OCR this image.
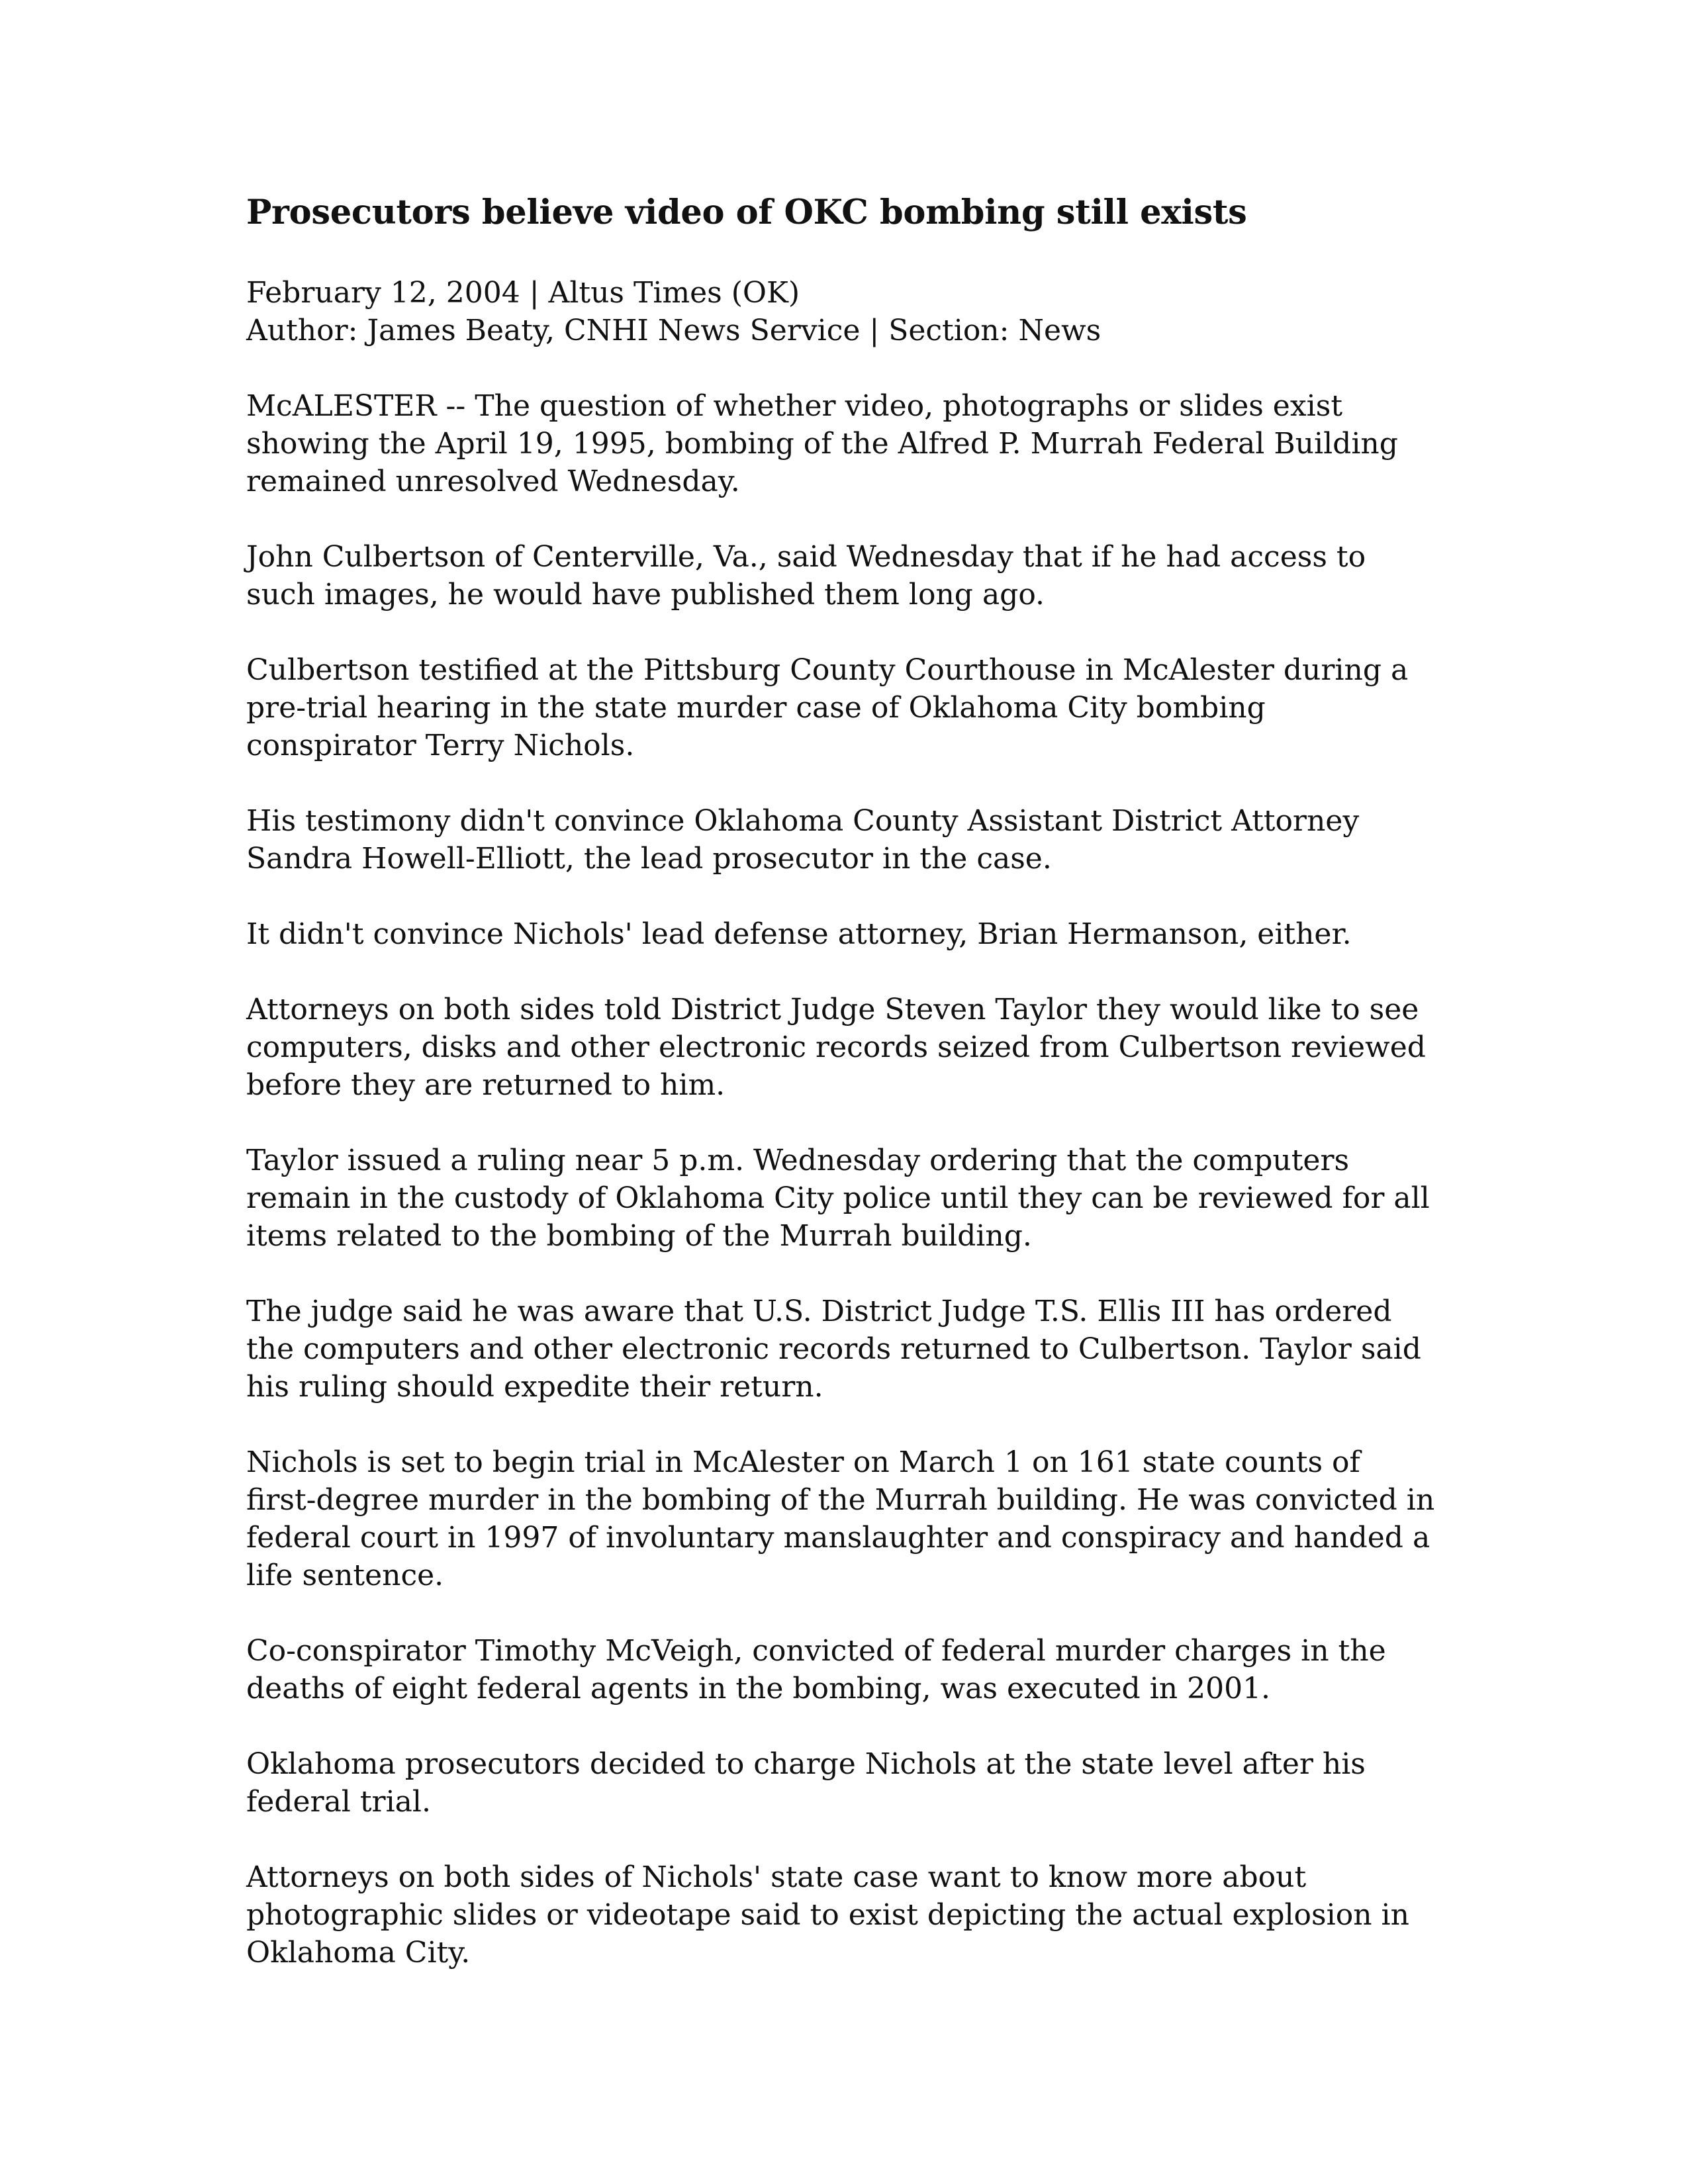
Prosecutors believe video of OKC bombing still exists
February 12, 2004 | Altus Times (OK)
Author: James Beaty, CNHI News Service | Section: News

McALESTER -- The question of whether video, photographs or slides exist showing the April 19, 1995, bombing of the Alfred P. Murrah Federal Building remained unresolved Wednesday.

John Culbertson of Centerville, Va., said Wednesday that if he had access to such images, he would have published them long ago.

Culbertson testified at the Pittsburg County Courthouse in McAlester during a pre-trial hearing in the state murder case of Oklahoma City bombing conspirator Terry Nichols.

His testimony didn't convince Oklahoma County Assistant District Attorney Sandra Howell-Elliott, the lead prosecutor in the case.

It didn't convince Nichols' lead defense attorney, Brian Hermanson, either.

Attorneys on both sides told District Judge Steven Taylor they would like to see computers, disks and other electronic records seized from Culbertson reviewed before they are returned to him.

Taylor issued a ruling near 5 p.m. Wednesday ordering that the computers remain in the custody of Oklahoma City police until they can be reviewed for all items related to the bombing of the Murrah building.

The judge said he was aware that U.S. District Judge T.S. Ellis III has ordered the computers and other electronic records returned to Culbertson. Taylor said his ruling should expedite their return.

Nichols is set to begin trial in McAlester on March 1 on 161 state counts of first-degree murder in the bombing of the Murrah building. He was convicted in federal court in 1997 of involuntary manslaughter and conspiracy and handed a life sentence.

Co-conspirator Timothy McVeigh, convicted of federal murder charges in the deaths of eight federal agents in the bombing, was executed in 2001.

Oklahoma prosecutors decided to charge Nichols at the state level after his federal trial.

Attorneys on both sides of Nichols' state case want to know more about photographic slides or videotape said to exist depicting the actual explosion in Oklahoma City.
